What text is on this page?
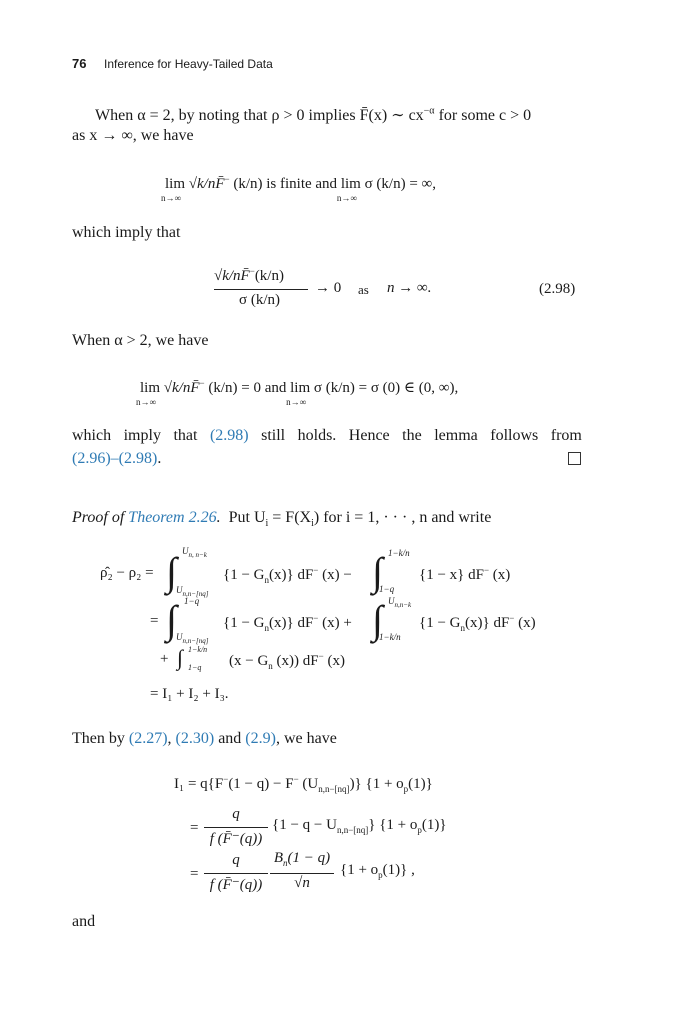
76 Inference for Heavy-Tailed Data
When α = 2, by noting that ρ > 0 implies F̄(x) ∼ $cx^{-\alpha}$ for some c > 0
as x → ∞, we have
lim
n→∞
√k/nF̄− (k/n) is finite and lim
n→∞
σ (k/n) = ∞,
which imply that
√k/nF̄−(k/n)
σ (k/n)
→ 0 as n → ∞.	(2.98)
When α > 2, we have
lim
n→∞
√k/nF̄− (k/n) = 0 and lim
n→∞
σ (k/n) = σ (0) ∈ (0, ∞),
which imply that (2.98) still holds. Hence the lemma follows from
(2.96)–(2.98).
Proof of Theorem 2.26.  Put $U_i = F(X_i)$ for i = 1, · · · , n and write
ρ̂₂ − ρ₂ = ∫ $U_{n, n-k}$
$U_{n,n-[nq]}$
$\{1 - G_n(x)\}$ dF− (x) − ∫ 1−k/n
1−q
{1 − x} dF− (x)
= ∫ 1−q
$U_{n,n-[nq]}$
$\{1 - G_n(x)\}$ dF− (x) + ∫ $U_{n,n-k}$
1−k/n
$\{1 - G_n(x)\}$ dF− (x)
+ ∫ 1−k/n
1−q ($x - G_n$ (x)) dF− (x)
= I₁ + I₂ + I₃.
Then by (2.27), (2.30) and (2.9), we have
I₁ = q{F−(1 − q) − F− $(U_{n,n-[nq]})$} $\{1 + o_p(1)\}$
=
q
f (F̄⁻(q))
$\{1 - q - U_{n,n-[nq]}\}$ $\{1 + o_p(1)\}$
=
q
f (F̄⁻(q))
$B_n(1 - q)$
√n
$\{1 + o_p(1)\}$ ,
and
